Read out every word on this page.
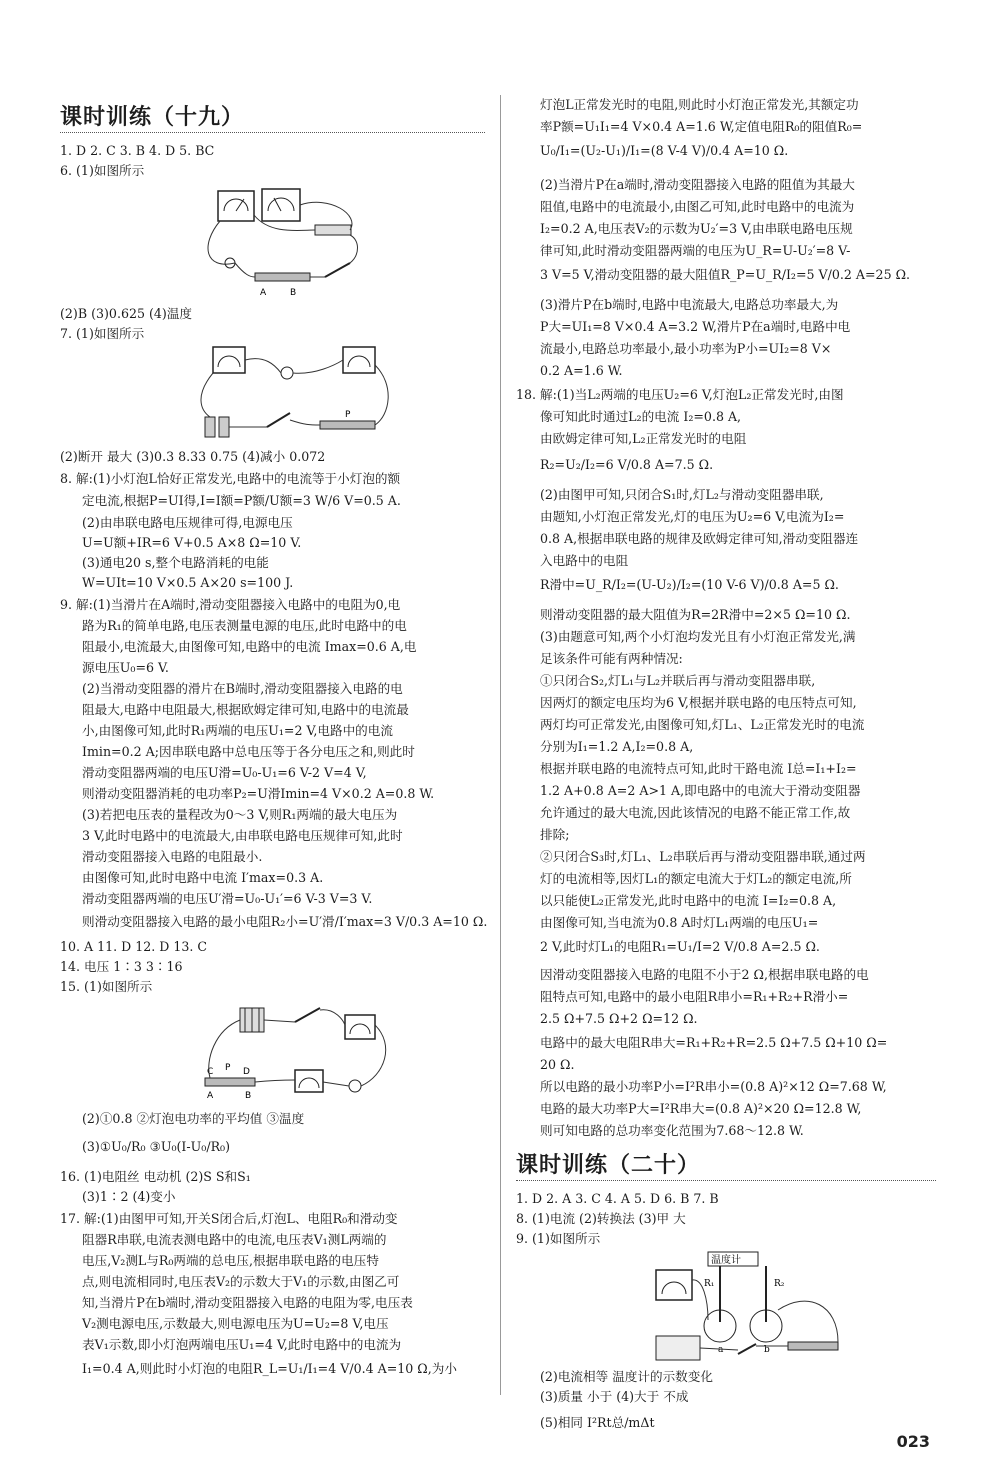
课时训练（十九）
1. D 2. C 3. B 4. D 5. BC
6. (1)如图所示
A	B
(2)B (3)0.625 (4)温度
7. (1)如图所示
P
(2)断开 最大 (3)0.3 8.33 0.75 (4)减小 0.072
8. 解:(1)小灯泡L恰好正常发光,电路中的电流等于小灯泡的额
定电流,根据P=UI得,I=I额=P额/U额=3 W/6 V=0.5 A.
(2)由串联电路电压规律可得,电源电压
U=U额+IR=6 V+0.5 A×8 Ω=10 V.
(3)通电20 s,整个电路消耗的电能
W=UIt=10 V×0.5 A×20 s=100 J.
9. 解:(1)当滑片在A端时,滑动变阻器接入电路中的电阻为0,电
路为R₁的简单电路,电压表测量电源的电压,此时电路中的电
阻最小,电流最大,由图像可知,电路中的电流 Imax=0.6 A,电
源电压U₀=6 V.
(2)当滑动变阻器的滑片在B端时,滑动变阻器接入电路的电
阻最大,电路中电阻最大,根据欧姆定律可知,电路中的电流最
小,由图像可知,此时R₁两端的电压U₁=2 V,电路中的电流
Imin=0.2 A;因串联电路中总电压等于各分电压之和,则此时
滑动变阻器两端的电压U滑=U₀-U₁=6 V-2 V=4 V,
则滑动变阻器消耗的电功率P₂=U滑Imin=4 V×0.2 A=0.8 W.
(3)若把电压表的量程改为0～3 V,则R₁两端的最大电压为
3 V,此时电路中的电流最大,由串联电路电压规律可知,此时
滑动变阻器接入电路的电阻最小.
由图像可知,此时电路中电流 I′max=0.3 A.
滑动变阻器两端的电压U′滑=U₀-U₁′=6 V-3 V=3 V.
则滑动变阻器接入电路的最小电阻R₂小=U′滑/I′max=3 V/0.3 A=10 Ω.
10. A 11. D 12. D 13. C
14. 电压 1∶3 3∶16
15. (1)如图所示
C P D
A	B
(2)①0.8 ②灯泡电功率的平均值 ③温度
(3)①U₀/R₀ ③U₀(I-U₀/R₀)
16. (1)电阻丝 电动机 (2)S S和S₁
(3)1∶2 (4)变小
17. 解:(1)由图甲可知,开关S闭合后,灯泡L、电阻R₀和滑动变
阻器R串联,电流表测电路中的电流,电压表V₁测L两端的
电压,V₂测L与R₀两端的总电压,根据串联电路的电压特
点,则电流相同时,电压表V₂的示数大于V₁的示数,由图乙可
知,当滑片P在b端时,滑动变阻器接入电路的电阻为零,电压表
V₂测电源电压,示数最大,则电源电压为U=U₂=8 V,电压
表V₁示数,即小灯泡两端电压U₁=4 V,此时电路中的电流为
I₁=0.4 A,则此时小灯泡的电阻R_L=U₁/I₁=4 V/0.4 A=10 Ω,为小
灯泡L正常发光时的电阻,则此时小灯泡正常发光,其额定功
率P额=U₁I₁=4 V×0.4 A=1.6 W,定值电阻R₀的阻值R₀=
U₀/I₁=(U₂-U₁)/I₁=(8 V-4 V)/0.4 A=10 Ω.
(2)当滑片P在a端时,滑动变阻器接入电路的阻值为其最大
阻值,电路中的电流最小,由图乙可知,此时电路中的电流为
I₂=0.2 A,电压表V₂的示数为U₂′=3 V,由串联电路电压规
律可知,此时滑动变阻器两端的电压为U_R=U-U₂′=8 V-
3 V=5 V,滑动变阻器的最大阻值R_P=U_R/I₂=5 V/0.2 A=25 Ω.
(3)滑片P在b端时,电路中电流最大,电路总功率最大,为
P大=UI₁=8 V×0.4 A=3.2 W,滑片P在a端时,电路中电
流最小,电路总功率最小,最小功率为P小=UI₂=8 V×
0.2 A=1.6 W.
18. 解:(1)当L₂两端的电压U₂=6 V,灯泡L₂正常发光时,由图
像可知此时通过L₂的电流 I₂=0.8 A,
由欧姆定律可知,L₂正常发光时的电阻
R₂=U₂/I₂=6 V/0.8 A=7.5 Ω.
(2)由图甲可知,只闭合S₁时,灯L₂与滑动变阻器串联,
由题知,小灯泡正常发光,灯的电压为U₂=6 V,电流为I₂=
0.8 A,根据串联电路的规律及欧姆定律可知,滑动变阻器连
入电路中的电阻
R滑中=U_R/I₂=(U-U₂)/I₂=(10 V-6 V)/0.8 A=5 Ω.
则滑动变阻器的最大阻值为R=2R滑中=2×5 Ω=10 Ω.
(3)由题意可知,两个小灯泡均发光且有小灯泡正常发光,满
足该条件可能有两种情况:
①只闭合S₂,灯L₁与L₂并联后再与滑动变阻器串联,
因两灯的额定电压均为6 V,根据并联电路的电压特点可知,
两灯均可正常发光,由图像可知,灯L₁、L₂正常发光时的电流
分别为I₁=1.2 A,I₂=0.8 A,
根据并联电路的电流特点可知,此时干路电流 I总=I₁+I₂=
1.2 A+0.8 A=2 A>1 A,即电路中的电流大于滑动变阻器
允许通过的最大电流,因此该情况的电路不能正常工作,故
排除;
②只闭合S₃时,灯L₁、L₂串联后再与滑动变阻器串联,通过两
灯的电流相等,因灯L₁的额定电流大于灯L₂的额定电流,所
以只能使L₂正常发光,此时电路中的电流 I=I₂=0.8 A,
由图像可知,当电流为0.8 A时灯L₁两端的电压U₁=
2 V,此时灯L₁的电阻R₁=U₁/I=2 V/0.8 A=2.5 Ω.
因滑动变阻器接入电路的电阻不小于2 Ω,根据串联电路的电
阻特点可知,电路中的最小电阻R串小=R₁+R₂+R滑小=
2.5 Ω+7.5 Ω+2 Ω=12 Ω.
电路中的最大电阻R串大=R₁+R₂+R=2.5 Ω+7.5 Ω+10 Ω=
20 Ω.
所以电路的最小功率P小=I²R串小=(0.8 A)²×12 Ω=7.68 W,
电路的最大功率P大=I²R串大=(0.8 A)²×20 Ω=12.8 W,
则可知电路的总功率变化范围为7.68～12.8 W.
课时训练（二十）
1. D 2. A 3. C 4. A 5. D 6. B 7. B
8. (1)电流 (2)转换法 (3)甲 大
9. (1)如图所示
温度计
R₁	R₂
a	b
(2)电流相等 温度计的示数变化
(3)质量 小于 (4)大于 不成
(5)相同 I²Rt总/mΔt
023
